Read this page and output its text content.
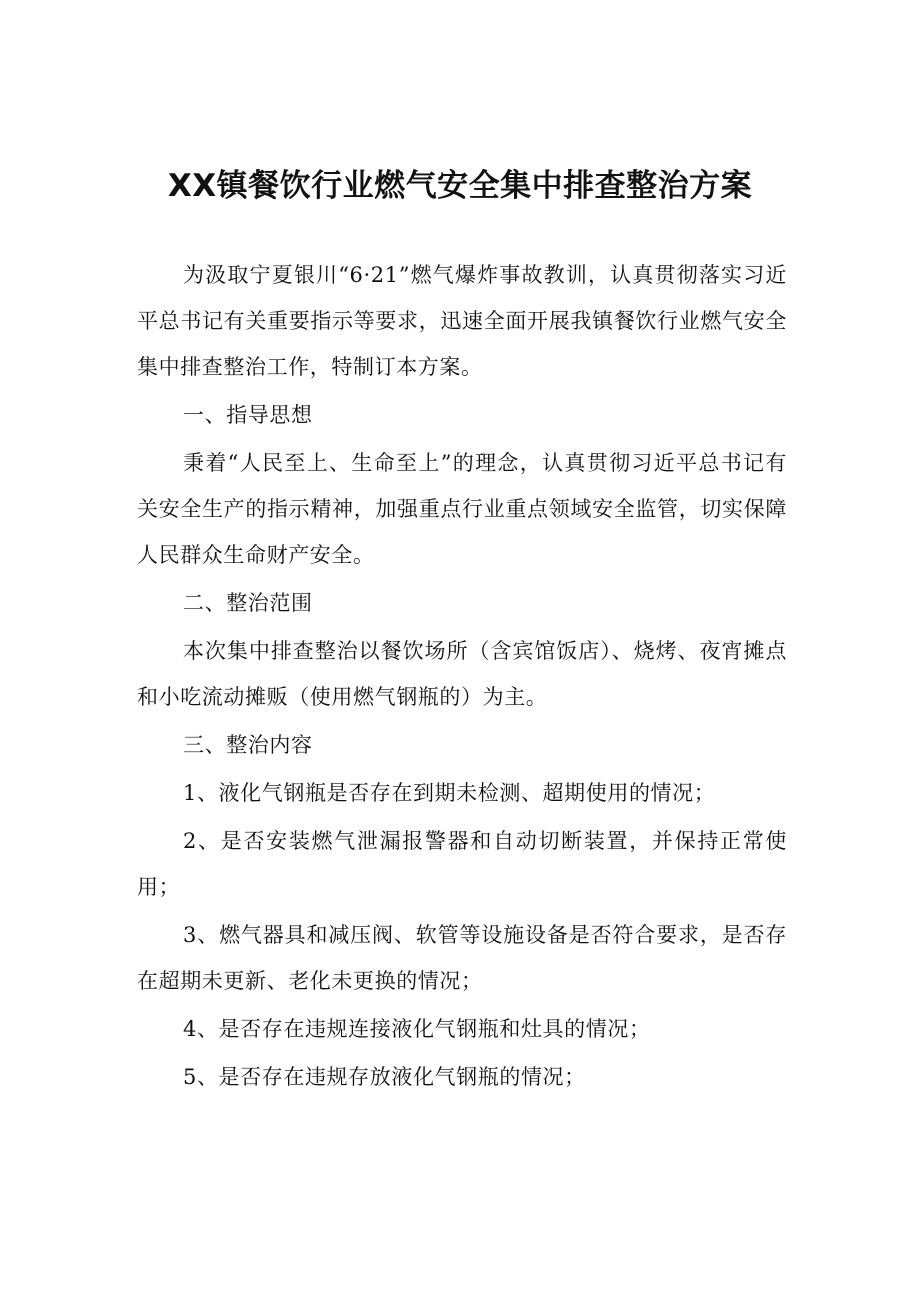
XX镇餐饮行业燃气安全集中排查整治方案

为汲取宁夏银川“6·21”燃气爆炸事故教训，认真贯彻落实习近平总书记有关重要指示等要求，迅速全面开展我镇餐饮行业燃气安全集中排查整治工作，特制订本方案。

一、指导思想

秉着“人民至上、生命至上”的理念，认真贯彻习近平总书记有关安全生产的指示精神，加强重点行业重点领域安全监管，切实保障人民群众生命财产安全。

二、整治范围

本次集中排查整治以餐饮场所（含宾馆饭店）、烧烤、夜宵摊点和小吃流动摊贩（使用燃气钢瓶的）为主。

三、整治内容

1、液化气钢瓶是否存在到期未检测、超期使用的情况；

2、是否安装燃气泄漏报警器和自动切断装置，并保持正常使用；

3、燃气器具和减压阀、软管等设施设备是否符合要求，是否存在超期未更新、老化未更换的情况；

4、是否存在违规连接液化气钢瓶和灶具的情况；

5、是否存在违规存放液化气钢瓶的情况；
